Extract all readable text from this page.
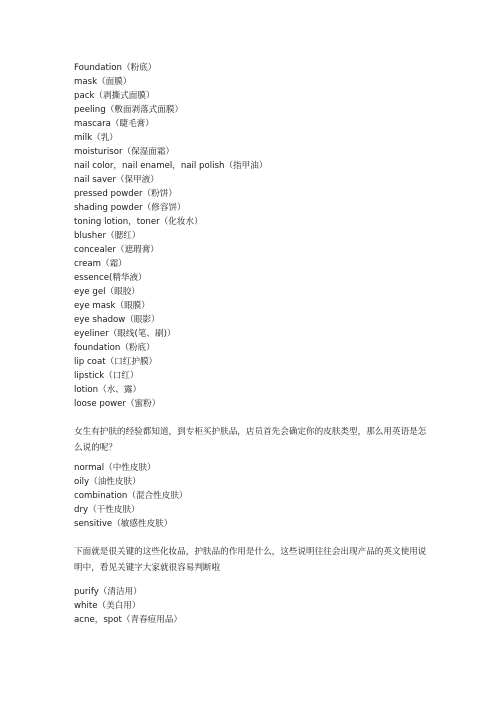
Foundation（粉底）
mask（面膜）
pack（剥撕式面膜）
peeling（敷面剥落式面膜）
mascara（睫毛膏）
milk（乳）
moisturisor（保湿面霜）
nail color，nail enamel，nail polish（指甲油）
nail saver（保甲液）
pressed powder（粉饼）
shading powder（修容饼）
toning lotion，toner（化妆水）
blusher（腮红）
concealer（遮瑕膏）
cream（霜）
essence(精华液）
eye gel（眼胶）
eye mask（眼膜）
eye shadow（眼影）
eyeliner（眼线(笔、刷)）
foundation（粉底）
lip coat（口红护膜）
lipstick（口红）
lotion（水、露）
loose power（蜜粉）
女生有护肤的经验都知道，到专柜买护肤品，店员首先会确定你的皮肤类型，那么用英语是怎么说的呢？
normal（中性皮肤）
oily（油性皮肤）
combination（混合性皮肤）
dry（干性皮肤）
sensitive（敏感性皮肤）
下面就是很关键的这些化妆品，护肤品的作用是什么，这些说明往往会出现产品的英文使用说明中，看见关键字大家就很容易判断啦
purify（清洁用）
white（美白用）
acne，spot（青春痘用品）
